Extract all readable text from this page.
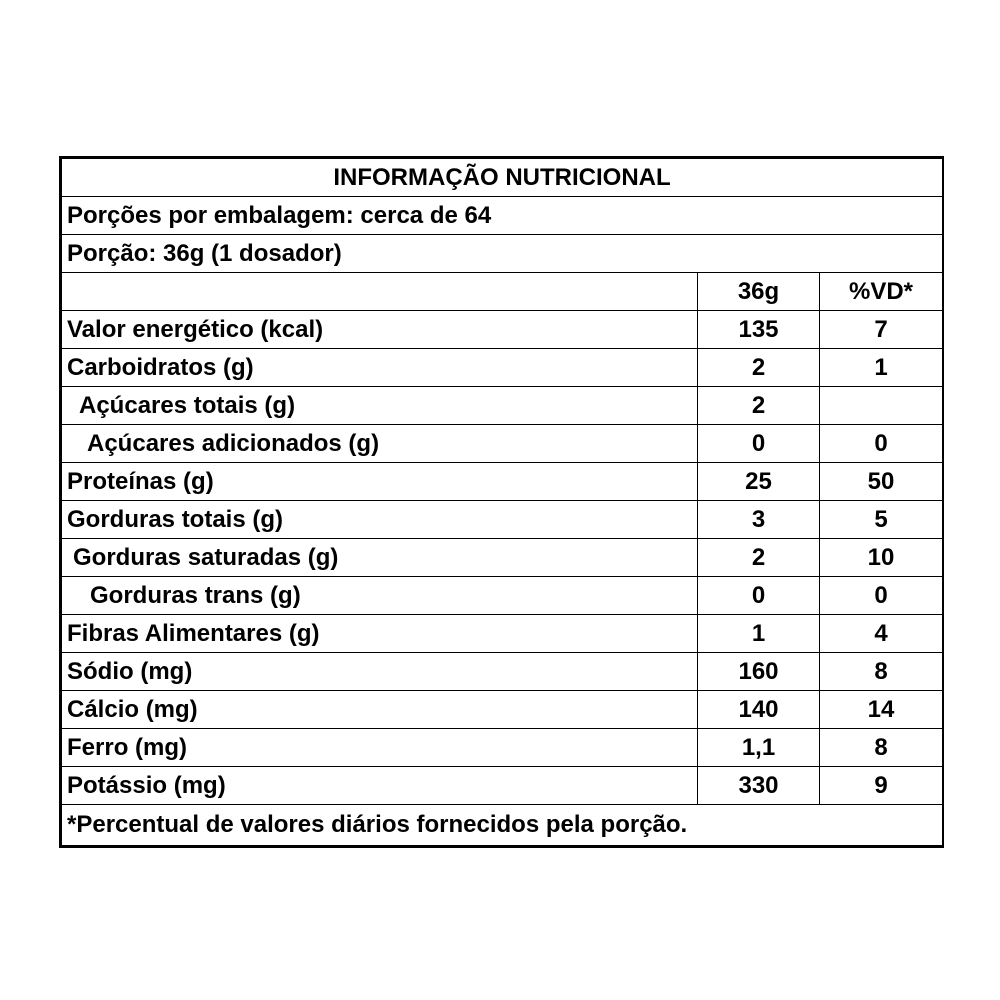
INFORMAÇÃO NUTRICIONAL		
Porções por embalagem: cerca de 64		
Porção: 36g (1 dosador)		
	36g	%VD*
Valor energético (kcal)	135	7
Carboidratos (g)	2	1
Açúcares totais (g)	2	
Açúcares adicionados (g)	0	0
Proteínas (g)	25	50
Gorduras totais (g)	3	5
Gorduras saturadas (g)	2	10
Gorduras trans (g)	0	0
Fibras Alimentares (g)	1	4
Sódio (mg)	160	8
Cálcio (mg)	140	14
Ferro (mg)	1,1	8
Potássio (mg)	330	9
*Percentual de valores diários fornecidos pela porção.		
